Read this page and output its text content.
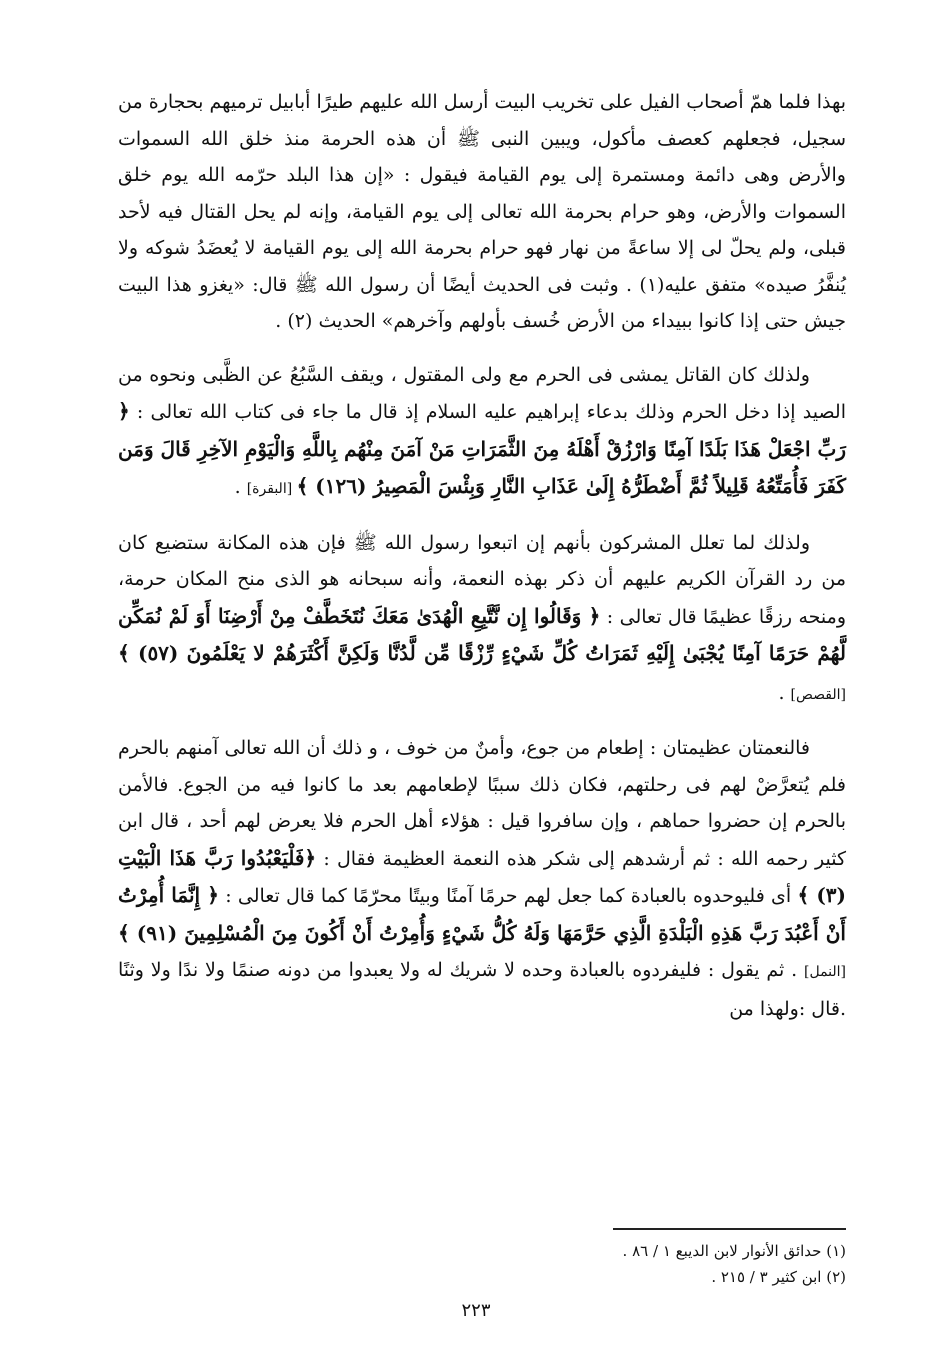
بهذا فلما همّ أصحاب الفيل على تخريب البيت أرسل الله عليهم طيرًا أبابيل ترميهم بحجارة من سجيل، فجعلهم كعصف مأكول، ويبين النبى ﷺ أن هذه الحرمة منذ خلق الله السموات والأرض وهى دائمة ومستمرة إلى يوم القيامة فيقول : «إن هذا البلد حرّمه الله يوم خلق السموات والأرض، وهو حرام بحرمة الله تعالى إلى يوم القيامة، وإنه لم يحل القتال فيه لأحد قبلى، ولم يحلّ لى إلا ساعةً من نهار فهو حرام بحرمة الله إلى يوم القيامة لا يُعضَدُ شوكه ولا يُنفَّرُ صيده» متفق عليه(١) . وثبت فى الحديث أيضًا أن رسول الله ﷺ قال: «يغزو هذا البيت جيش حتى إذا كانوا ببيداء من الأرض خُسف بأولهم وآخرهم» الحديث (٢) .

ولذلك كان القاتل يمشى فى الحرم مع ولى المقتول ، ويقف السَّبُعُ عن الظَّبى ونحوه من الصيد إذا دخل الحرم وذلك بدعاء إبراهيم عليه السلام إذ قال ما جاء فى كتاب الله تعالى : ﴿ رَبِّ اجْعَلْ هَذَا بَلَدًا آمِنًا وَارْزُقْ أَهْلَهُ مِنَ الثَّمَرَاتِ مَنْ آمَنَ مِنْهُم بِاللَّهِ وَالْيَوْمِ الآخِرِ قَالَ وَمَن كَفَرَ فَأُمَتِّعُهُ قَلِيلاً ثُمَّ أَضْطَرُّهُ إِلَىٰ عَذَابِ النَّارِ وَبِئْسَ الْمَصِيرُ (١٢٦) ﴾ [البقرة] .

ولذلك لما تعلل المشركون بأنهم إن اتبعوا رسول الله ﷺ فإن هذه المكانة ستضيع كان من رد القرآن الكريم عليهم أن ذكر بهذه النعمة، وأنه سبحانه هو الذى منح المكان حرمة، ومنحه رزقًا عظيمًا قال تعالى : ﴿ وَقَالُوا إِن نَّتَّبِعِ الْهُدَىٰ مَعَكَ نُتَخَطَّفْ مِنْ أَرْضِنَا أَوَ لَمْ نُمَكِّن لَّهُمْ حَرَمًا آمِنًا يُجْبَىٰ إِلَيْهِ ثَمَرَاتُ كُلِّ شَيْءٍ رِّزْقًا مِّن لَّدُنَّا وَلَكِنَّ أَكْثَرَهُمْ لا يَعْلَمُونَ (٥٧) ﴾ [القصص] .

فالنعمتان عظيمتان : إطعام من جوع، وأمنٌ من خوف ، و ذلك أن الله تعالى آمنهم بالحرم فلم يُتعرَّضْ لهم فى رحلتهم، فكان ذلك سببًا لإطعامهم بعد ما كانوا فيه من الجوع. فالأمن بالحرم إن حضروا حماهم ، وإن سافروا قيل : هؤلاء أهل الحرم فلا يعرض لهم أحد ، قال ابن كثير رحمه الله : ثم أرشدهم إلى شكر هذه النعمة العظيمة فقال : ﴿فَلْيَعْبُدُوا رَبَّ هَذَا الْبَيْتِ (٣) ﴾ أى فليوحدوه بالعبادة كما جعل لهم حرمًا آمنًا وبيتًا محرّمًا كما قال تعالى : ﴿ إِنَّمَا أُمِرْتُ أَنْ أَعْبُدَ رَبَّ هَذِهِ الْبَلْدَةِ الَّذِي حَرَّمَهَا وَلَهُ كُلُّ شَيْءٍ وَأُمِرْتُ أَنْ أَكُونَ مِنَ الْمُسْلِمِينَ (٩١) ﴾[النمل] . ثم يقول : فليفردوه بالعبادة وحده لا شريك له ولا يعبدوا من دونه صنمًا ولا ندًا ولا وثنًا .قال :ولهذا من

(١) حدائق الأنوار لابن الديبع ١ / ٨٦ .

(٢) ابن كثير ٣ / ٢١٥ .

٢٢٣
